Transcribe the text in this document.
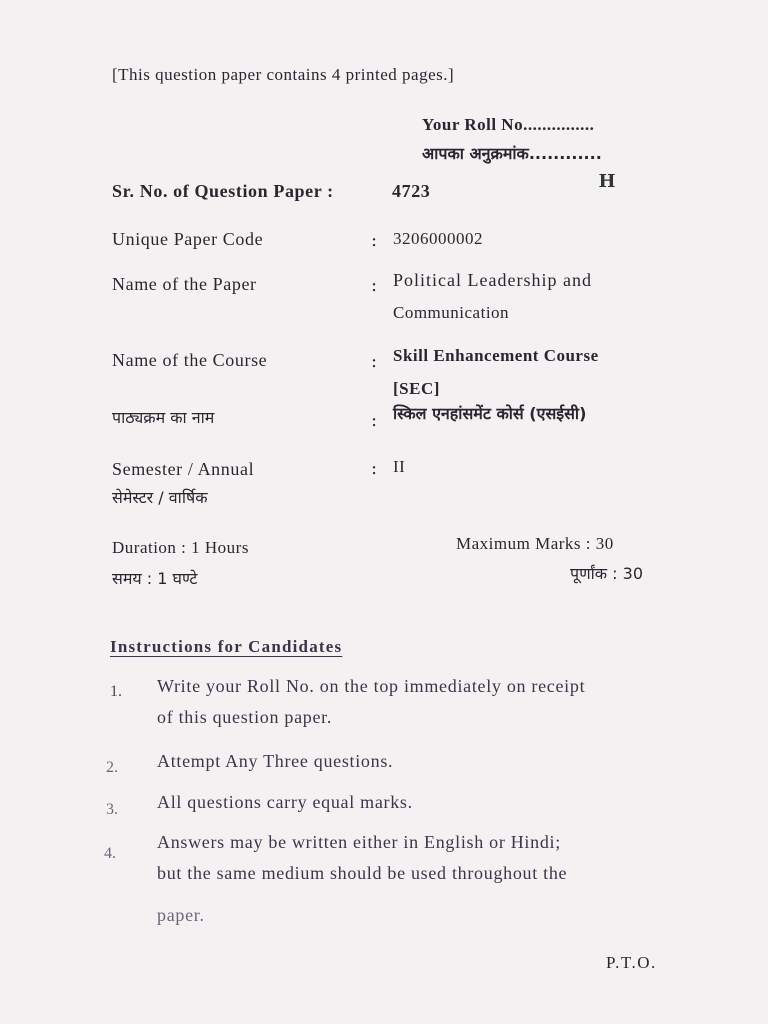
[This question paper contains 4 printed pages.]
Your Roll No...............
आपका अनुक्रमांक............
Sr. No. of Question Paper :	4723	H
Unique Paper Code	: 3206000002
Name of the Paper	: Political Leadership and
Communication
Name of the Course	: Skill Enhancement Course
[SEC]
पाठ्यक्रम का नाम	: स्किल एनहांसमेंट कोर्स (एसईसी)
Semester / Annual	: II
सेमेस्टर / वार्षिक
Duration : 1 Hours	Maximum Marks : 30
समय : 1 घण्टे	पूर्णांक : 30
Instructions for Candidates
1. Write your Roll No. on the top immediately on receipt
of this question paper.
2. Attempt Any Three questions.
3. All questions carry equal marks.
4.
Answers may be written either in English or Hindi;
but the same medium should be used throughout the
paper.
P.T.O.
